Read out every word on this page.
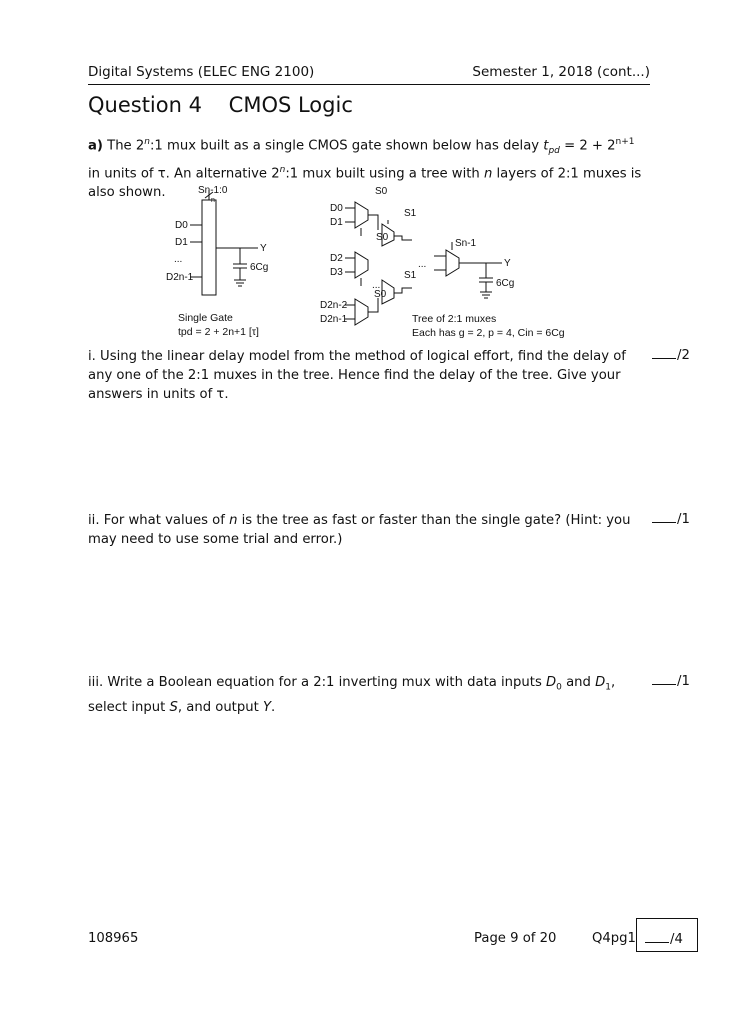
Digital Systems (ELEC ENG 2100)	Semester 1, 2018 (cont...)
Question 4 CMOS Logic
a) The 2$^n$:1 mux built as a single CMOS gate shown below has delay $t_{pd} = 2 + 2^{n+1}$ in units of τ. An alternative 2$^n$:1 mux built using a tree with n layers of 2:1 muxes is also shown.	Sn-1:0
n
D0
D1
...
D2n-1
Y
6Cg
Single Gate
tpd = 2 + 2n+1 [τ]
D0
D1
D2
D3
...
D2n-2
D2n-1
S0
S0
S0
S1
S1
Sn-1
...	Y
6Cg
Tree of 2:1 muxes
Each has g = 2, p = 4, Cin = 6Cg
i. Using the linear delay model from the method of logical effort, find the delay of any one of the 2:1 muxes in the tree. Hence find the delay of the tree. Give your answers in units of τ.
/2
ii. For what values of n is the tree as fast or faster than the single gate? (Hint: you may need to use some trial and error.)
/1
iii. Write a Boolean equation for a 2:1 inverting mux with data inputs $D_0$ and $D_1$, select input S, and output Y.
/1
108965	Page 9 of 20	Q4pg1	/4
